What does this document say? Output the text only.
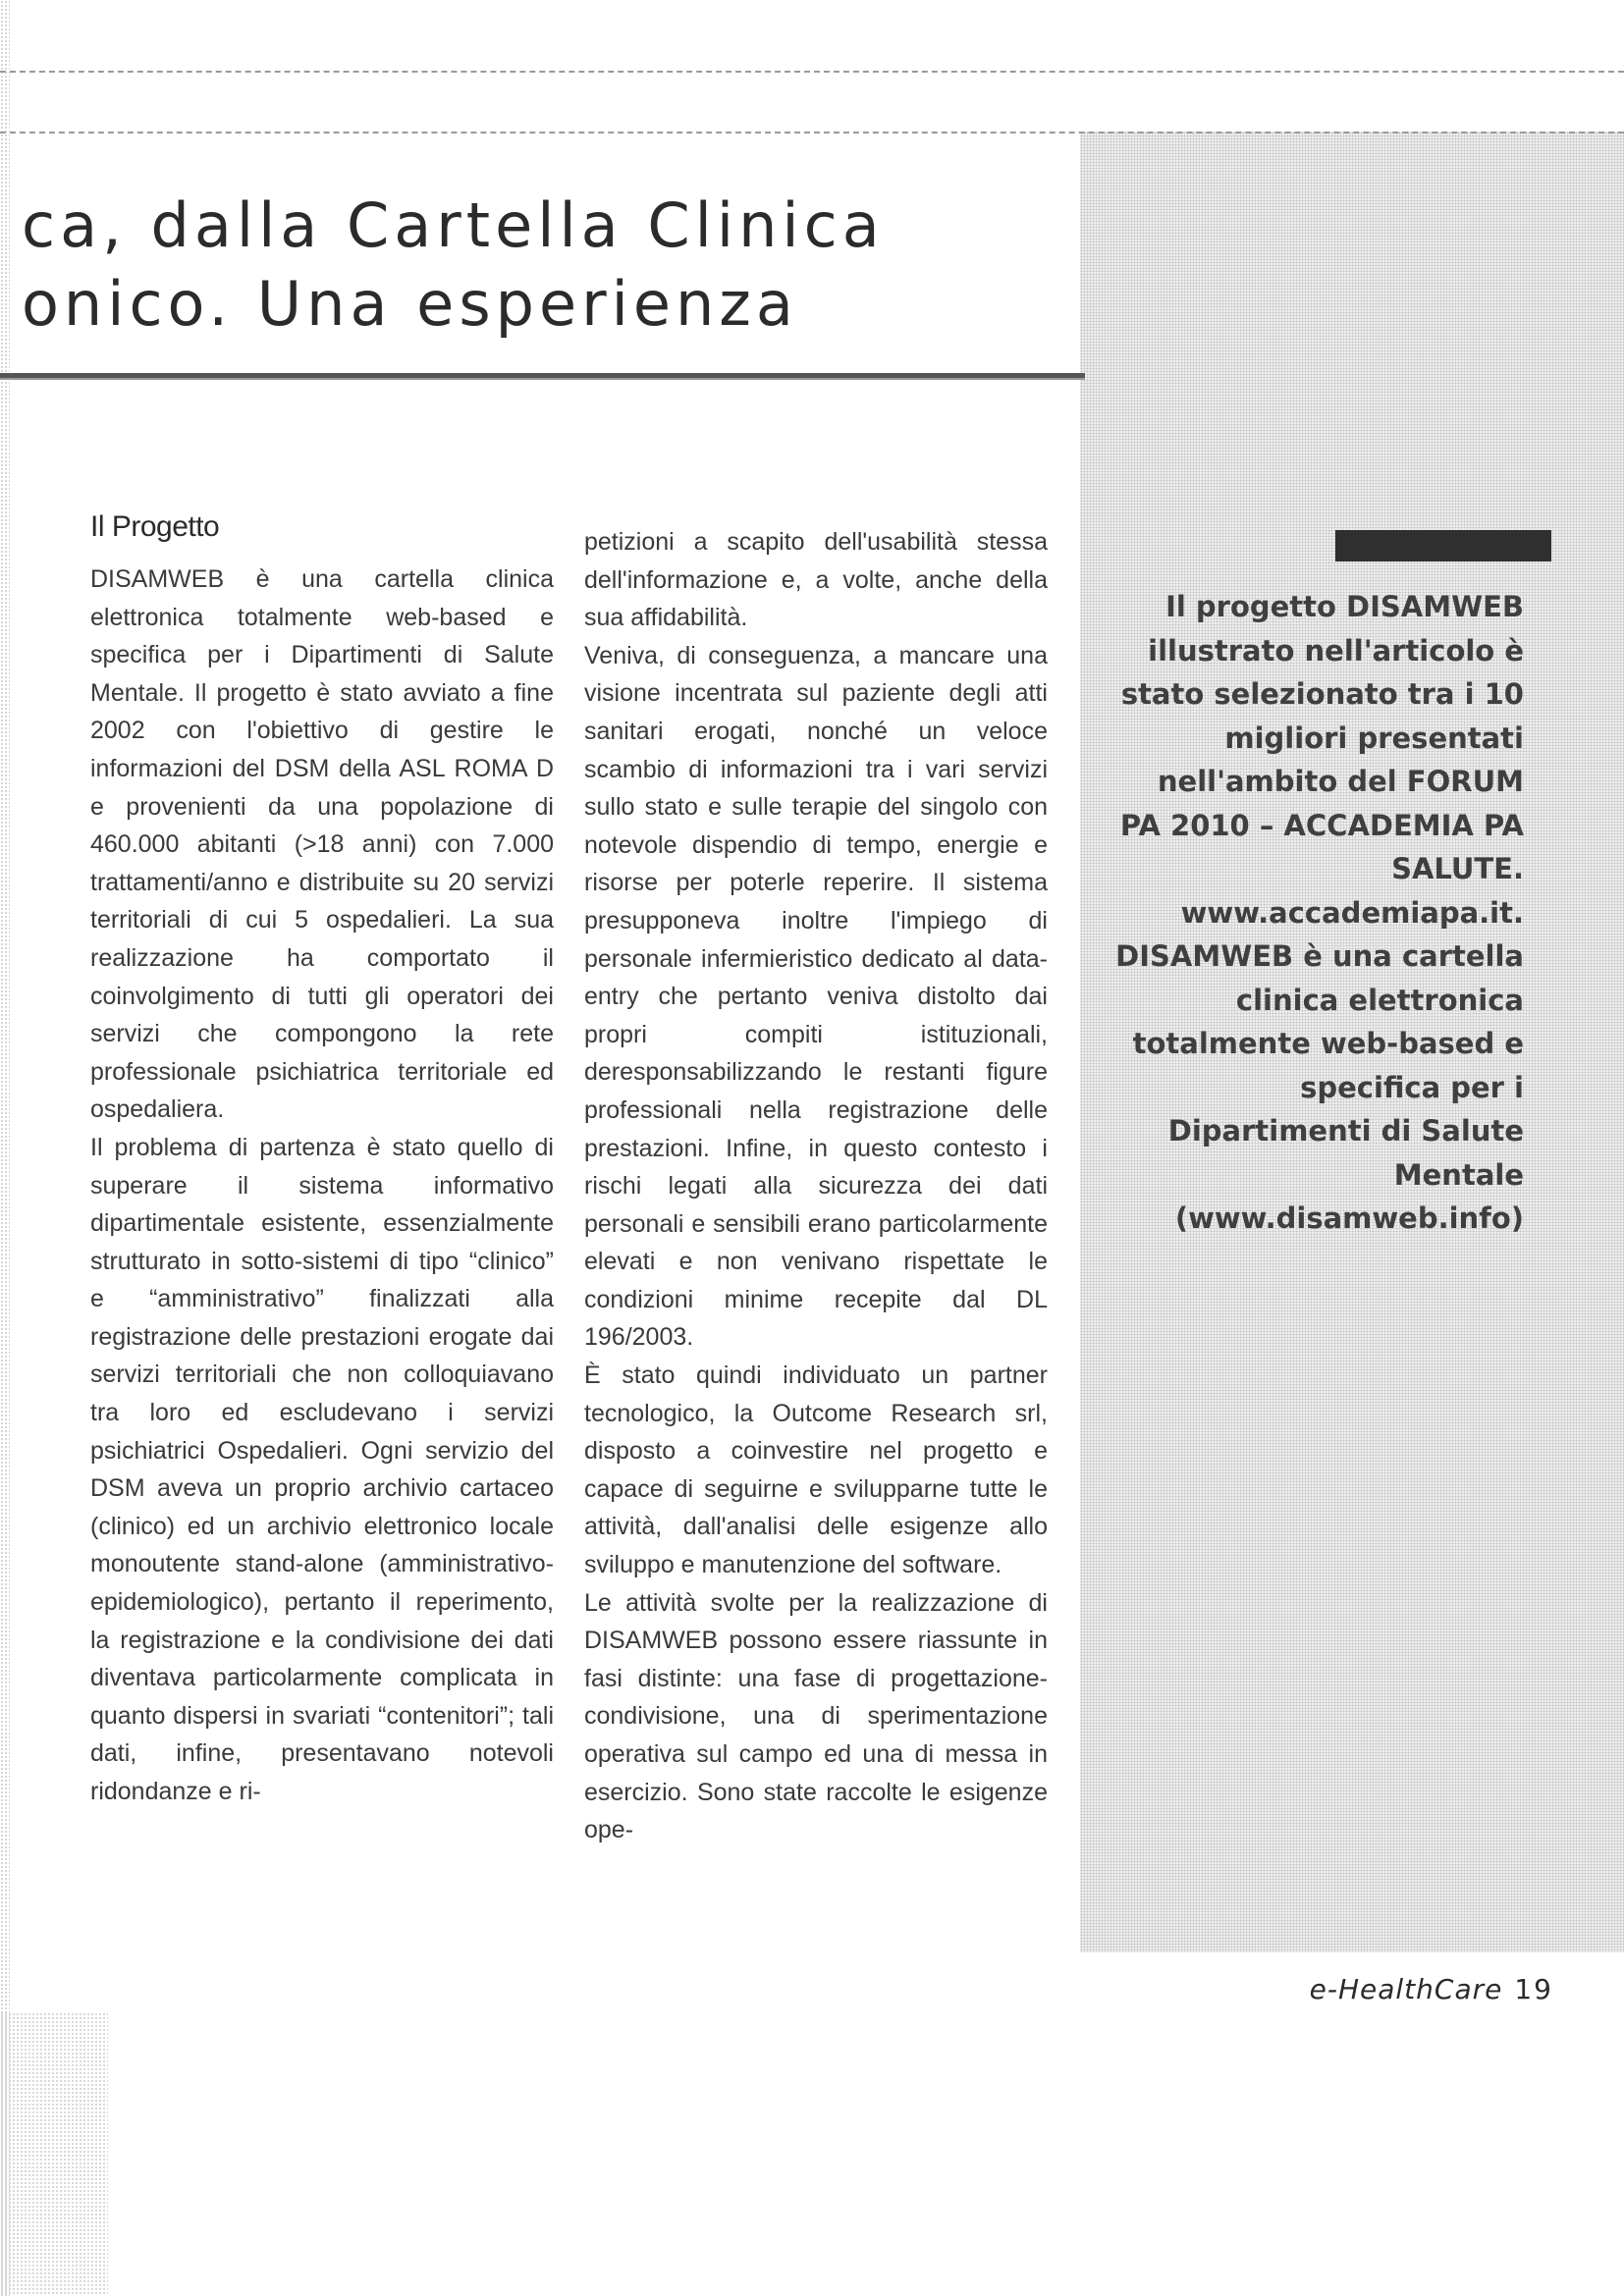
ca, dalla Cartella Clinica
onico. Una esperienza
Il Progetto

DISAMWEB è una cartella clinica elettronica totalmente web-based e specifica per i Dipartimenti di Salute Mentale. Il progetto è stato avviato a fine 2002 con l'obiettivo di gestire le informazioni del DSM della ASL ROMA D e provenienti da una popolazione di 460.000 abitanti (>18 anni) con 7.000 trattamenti/anno e distribuite su 20 servizi territoriali di cui 5 ospedalieri. La sua realizzazione ha comportato il coinvolgimento di tutti gli operatori dei servizi che compongono la rete professionale psichiatrica territoriale ed ospedaliera.

Il problema di partenza è stato quello di superare il sistema informativo dipartimentale esistente, essenzialmente strutturato in sotto-sistemi di tipo “clinico” e “amministrativo” finalizzati alla registrazione delle prestazioni erogate dai servizi territoriali che non colloquiavano tra loro ed escludevano i servizi psichiatrici Ospedalieri. Ogni servizio del DSM aveva un proprio archivio cartaceo (clinico) ed un archivio elettronico locale monoutente stand-alone (amministrativo-epidemiologico), pertanto il reperimento, la registrazione e la condivisione dei dati diventava particolarmente complicata in quanto dispersi in svariati “contenitori”; tali dati, infine, presentavano notevoli ridondanze e ri-

petizioni a scapito dell'usabilità stessa dell'informazione e, a volte, anche della sua affidabilità.

Veniva, di conseguenza, a mancare una visione incentrata sul paziente degli atti sanitari erogati, nonché un veloce scambio di informazioni tra i vari servizi sullo stato e sulle terapie del singolo con notevole dispendio di tempo, energie e risorse per poterle reperire. Il sistema presupponeva inoltre l'impiego di personale infermieristico dedicato al data-entry che pertanto veniva distolto dai propri compiti istituzionali, deresponsabilizzando le restanti figure professionali nella registrazione delle prestazioni. Infine, in questo contesto i rischi legati alla sicurezza dei dati personali e sensibili erano particolarmente elevati e non venivano rispettate le condizioni minime recepite dal DL 196/2003.

È stato quindi individuato un partner tecnologico, la Outcome Research srl, disposto a coinvestire nel progetto e capace di seguirne e svilupparne tutte le attività, dall'analisi delle esigenze allo sviluppo e manutenzione del software.

Le attività svolte per la realizzazione di DISAMWEB possono essere riassunte in fasi distinte: una fase di progettazione-condivisione, una di sperimentazione operativa sul campo ed una di messa in esercizio. Sono state raccolte le esigenze ope-

Il progetto DISAMWEB illustrato nell'articolo è stato selezionato tra i 10 migliori presentati nell'ambito del FORUM PA 2010 – ACCADEMIA PA SALUTE. www.accademiapa.it. DISAMWEB è una cartella clinica elettronica totalmente web-based e specifica per i Dipartimenti di Salute Mentale (www.disamweb.info)
e-HealthCare 19
